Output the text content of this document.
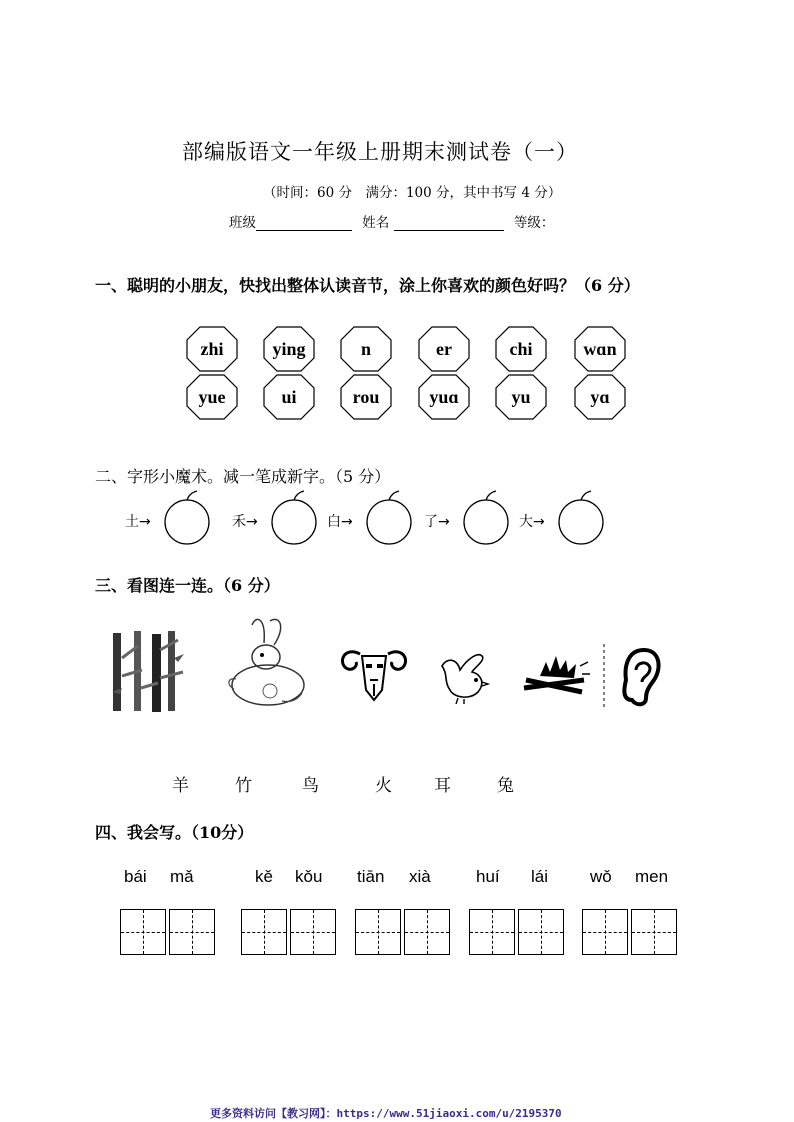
部编版语文一年级上册期末测试卷（一）
（时间：60 分　满分：100 分，其中书写 4 分）
班级	姓名	等级：
一、聪明的小朋友，快找出整体认读音节，涂上你喜欢的颜色好吗？（6 分）
zhi	ying	n	er	chi	wɑn
yue	ui	rou	yuɑ	yu	yɑ
二、字形小魔术。减一笔成新字。（5 分）
土→	禾→	白→	了→	大→
三、看图连一连。（6 分）
羊	竹	鸟	火 耳	兔
四、我会写。（10分）
bái mǎ	kě kǒu tiān xià	huí lái wǒ men
更多资料访问【教习网】：https://www.51jiaoxi.com/u/2195370
